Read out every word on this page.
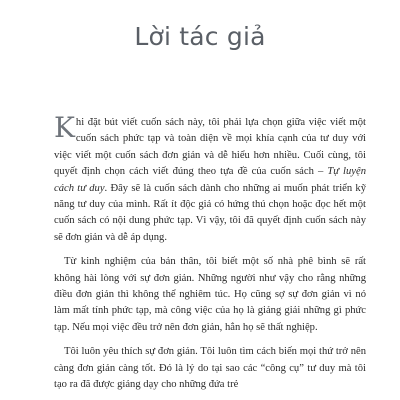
Lời tác giả

Khi đặt bút viết cuốn sách này, tôi phải lựa chọn giữa việc viết một cuốn sách phức tạp và toàn diện về mọi khía cạnh của tư duy với việc viết một cuốn sách đơn giản và dễ hiểu hơn nhiều. Cuối cùng, tôi quyết định chọn cách viết đúng theo tựa đề của cuốn sách – Tự luyện cách tư duy. Đây sẽ là cuốn sách dành cho những ai muốn phát triển kỹ năng tư duy của mình. Rất ít độc giả có hứng thú chọn hoặc đọc hết một cuốn sách có nội dung phức tạp. Vì vậy, tôi đã quyết định cuốn sách này sẽ đơn giản và dễ áp dụng.

Từ kinh nghiệm của bản thân, tôi biết một số nhà phê bình sẽ rất không hài lòng với sự đơn giản. Những người như vậy cho rằng những điều đơn giản thì không thể nghiêm túc. Họ cũng sợ sự đơn giản vì nó làm mất tính phức tạp, mà công việc của họ là giảng giải những gì phức tạp. Nếu mọi việc đều trở nên đơn giản, hẳn họ sẽ thất nghiệp.

Tôi luôn yêu thích sự đơn giản. Tôi luôn tìm cách biến mọi thứ trở nên càng đơn giản càng tốt. Đó là lý do tại sao các “công cụ” tư duy mà tôi tạo ra đã được giảng dạy cho những đứa trẻ
